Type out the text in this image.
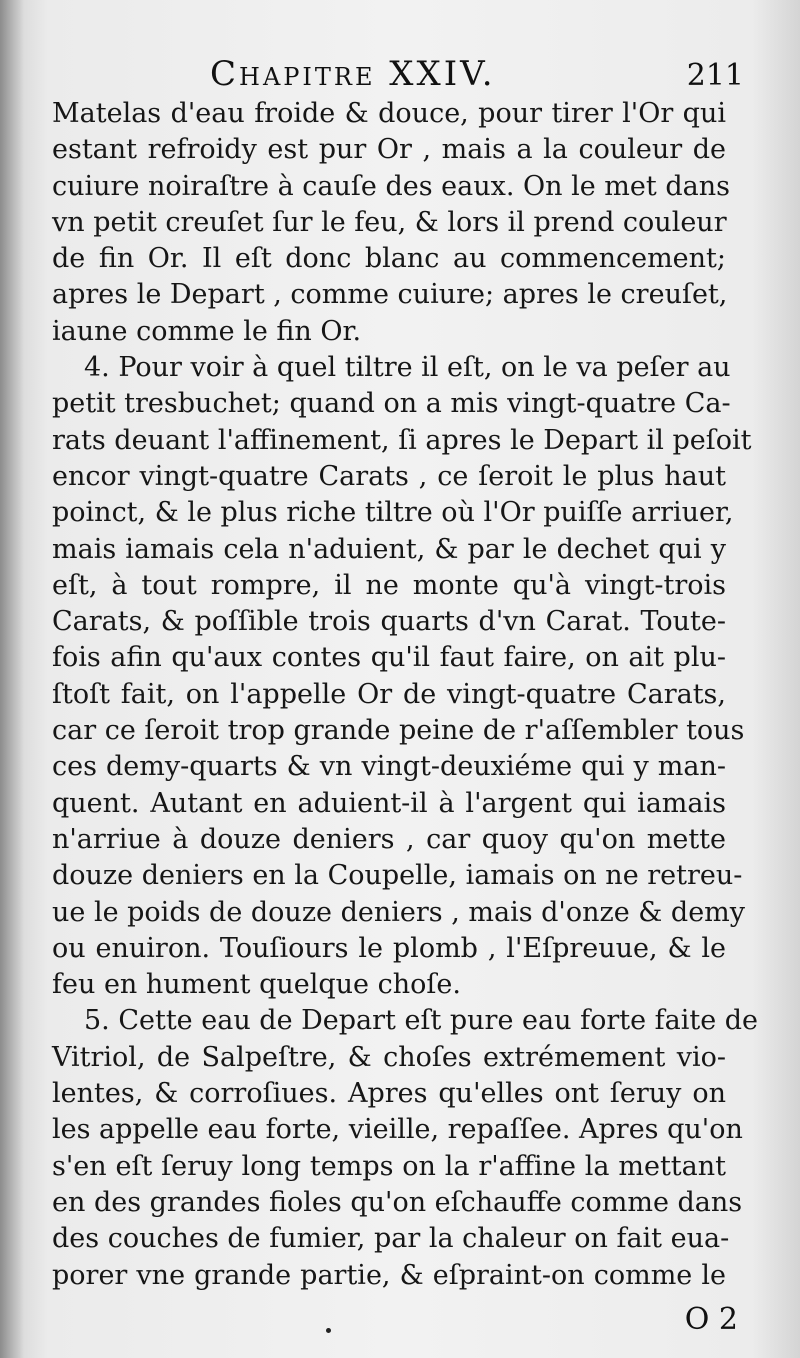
Chapitre XXIV.	211
Matelas d'eau froide & douce, pour tirer l'Or qui
estant refroidy est pur Or , mais a la couleur de
cuiure noiraſtre à cauſe des eaux. On le met dans
vn petit creuſet ſur le feu, & lors il prend couleur
de fin Or. Il eſt donc blanc au commencement;
apres le Depart , comme cuiure; apres le creuſet,
iaune comme le fin Or.
4. Pour voir à quel tiltre il eſt, on le va peſer au
petit tresbuchet; quand on a mis vingt-quatre Ca-
rats deuant l'affinement, ſi apres le Depart il peſoit
encor vingt-quatre Carats , ce ſeroit le plus haut
poinct, & le plus riche tiltre où l'Or puiſſe arriuer,
mais iamais cela n'aduient, & par le dechet qui y
eſt, à tout rompre, il ne monte qu'à vingt-trois
Carats, & poſſible trois quarts d'vn Carat. Toute-
fois afin qu'aux contes qu'il faut faire, on ait plu-
ſtoſt fait, on l'appelle Or de vingt-quatre Carats,
car ce ſeroit trop grande peine de r'aſſembler tous
ces demy-quarts & vn vingt-deuxiéme qui y man-
quent. Autant en aduient-il à l'argent qui iamais
n'arriue à douze deniers , car quoy qu'on mette
douze deniers en la Coupelle, iamais on ne retreu-
ue le poids de douze deniers , mais d'onze & demy
ou enuiron. Touſiours le plomb , l'Eſpreuue, & le
feu en hument quelque choſe.
5. Cette eau de Depart eſt pure eau forte faite de
Vitriol, de Salpeſtre, & choſes extrémement vio-
lentes, & corroſiues. Apres qu'elles ont ſeruy on
les appelle eau forte, vieille, repaſſee. Apres qu'on
s'en eſt ſeruy long temps on la r'affine la mettant
en des grandes fioles qu'on eſchauffe comme dans
des couches de fumier, par la chaleur on fait eua-
porer vne grande partie, & eſpraint-on comme le
O 2
